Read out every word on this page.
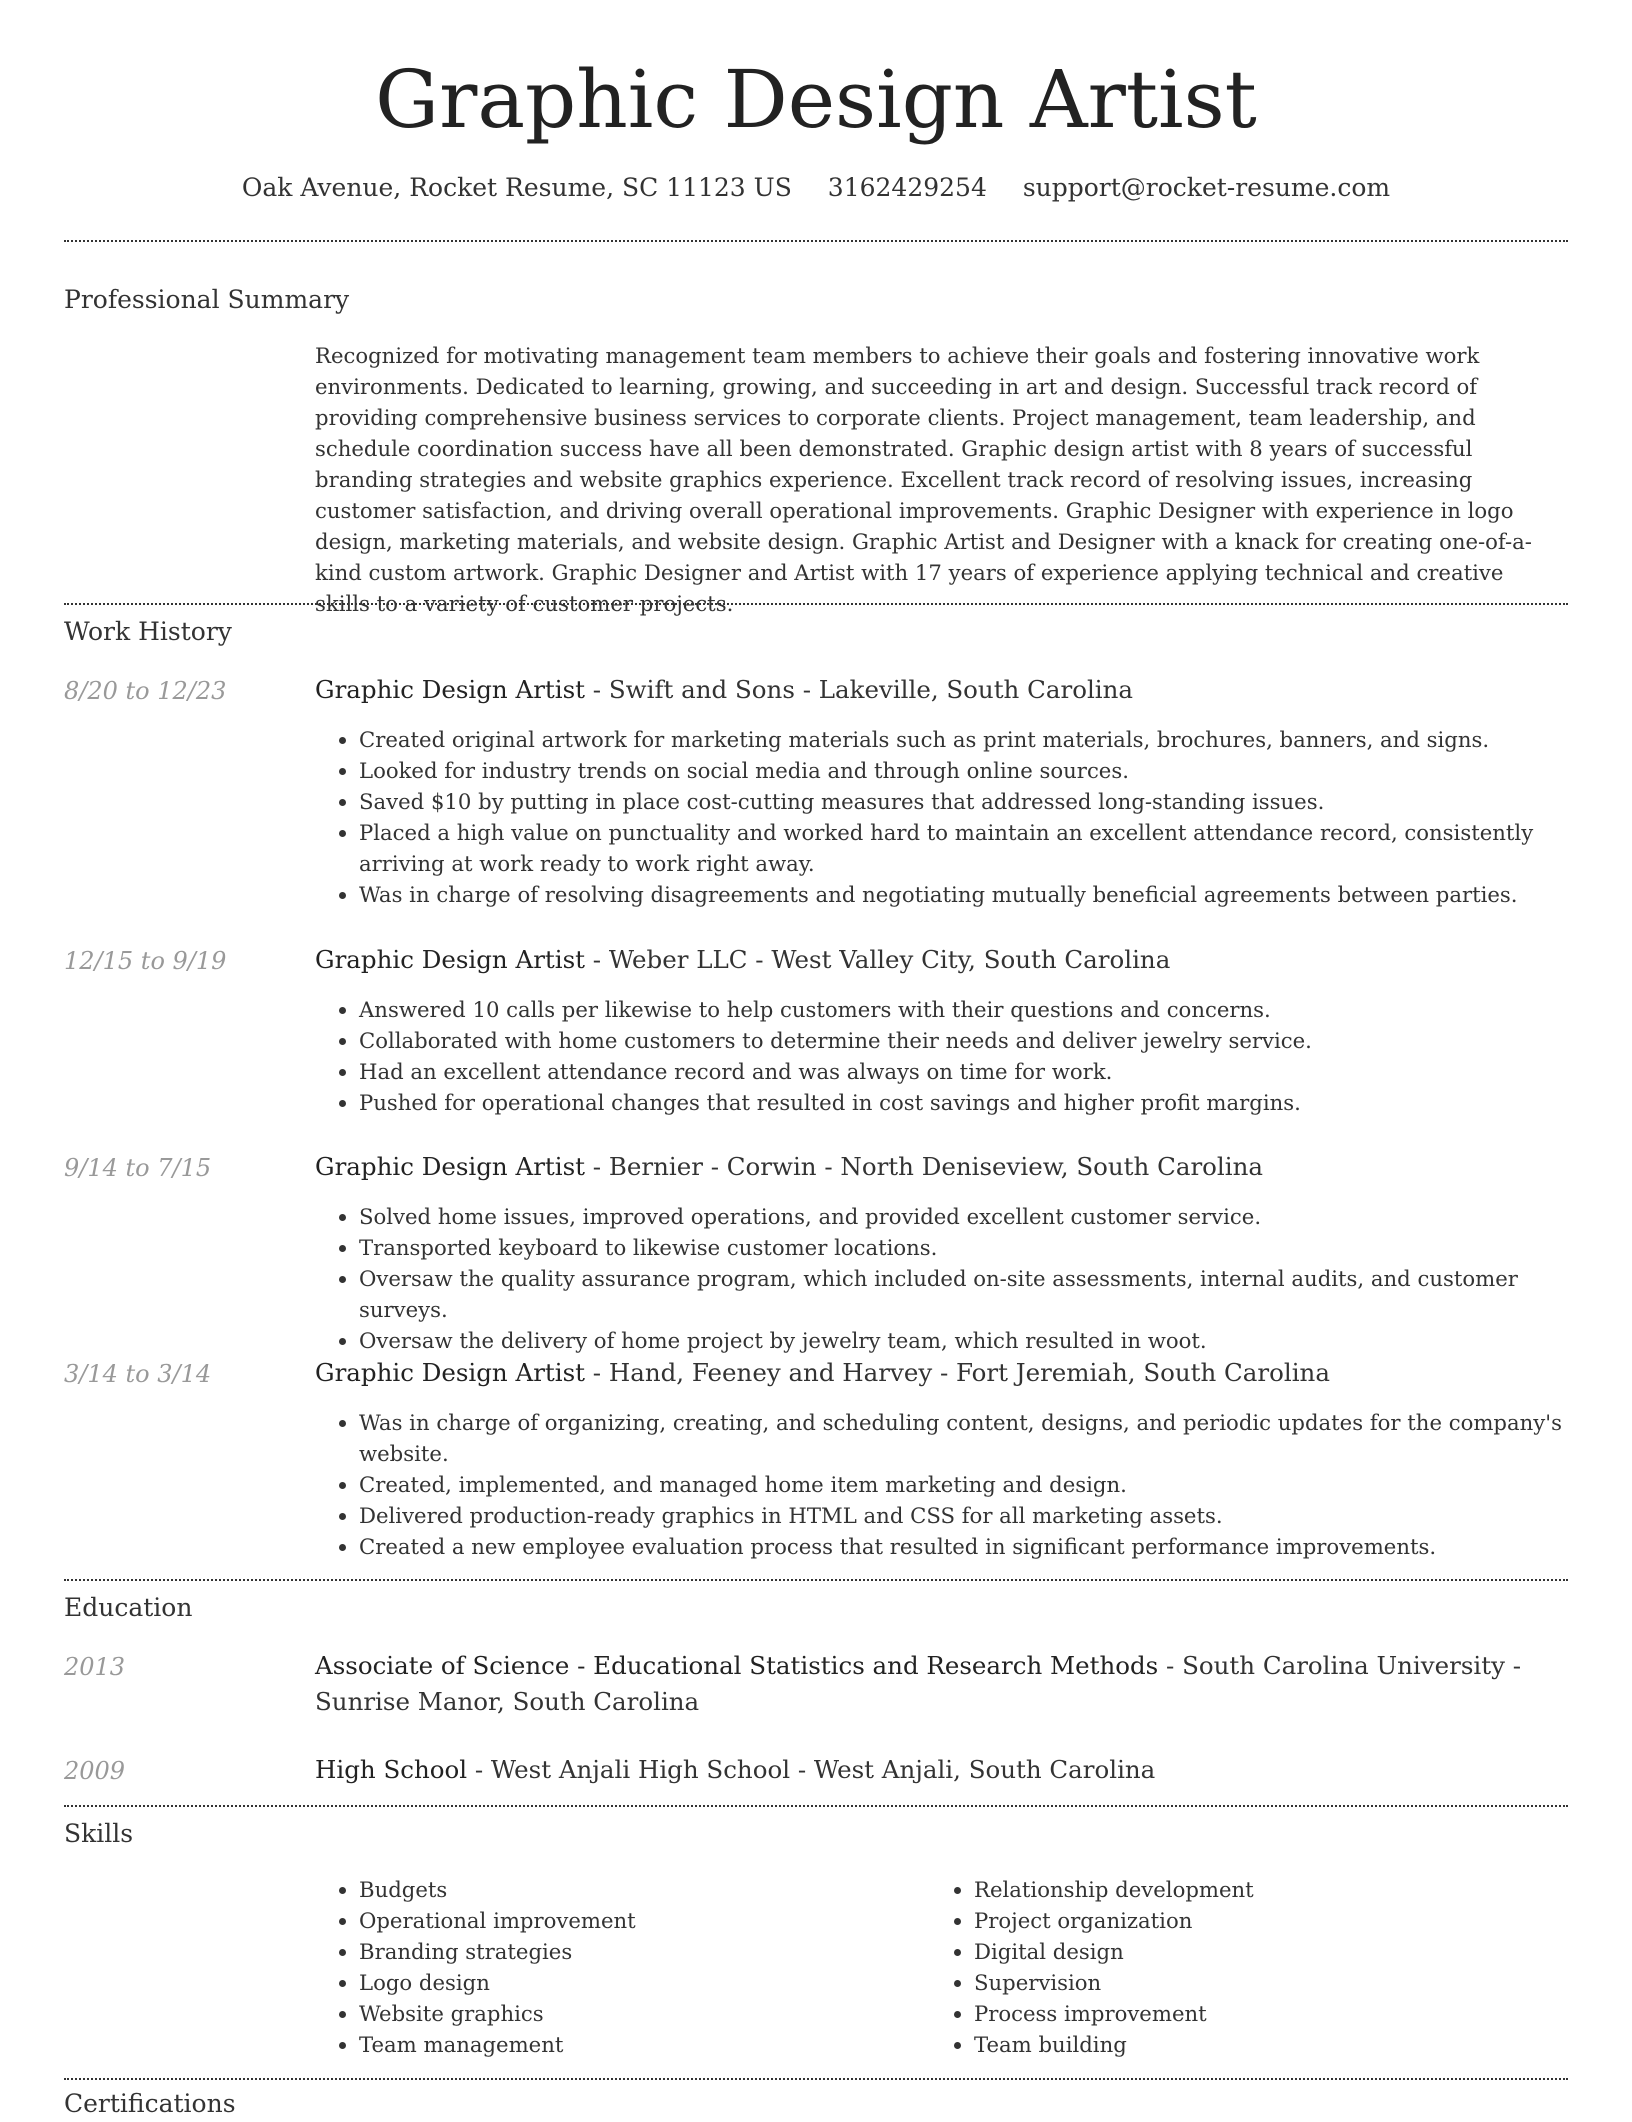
Graphic Design Artist
Oak Avenue, Rocket Resume, SC 11123 US 3162429254 support@rocket-resume.com
Professional Summary
Recognized for motivating management team members to achieve their goals and fostering innovative work environments. Dedicated to learning, growing, and succeeding in art and design. Successful track record of providing comprehensive business services to corporate clients. Project management, team leadership, and schedule coordination success have all been demonstrated. Graphic design artist with 8 years of successful branding strategies and website graphics experience. Excellent track record of resolving issues, increasing customer satisfaction, and driving overall operational improvements. Graphic Designer with experience in logo design, marketing materials, and website design. Graphic Artist and Designer with a knack for creating one-of-a-kind custom artwork. Graphic Designer and Artist with 17 years of experience applying technical and creative skills to a variety of customer projects.
Work History
8/20 to 12/23	Graphic Design Artist - Swift and Sons - Lakeville, South Carolina
• Created original artwork for marketing materials such as print materials, brochures, banners, and signs.
• Looked for industry trends on social media and through online sources.
• Saved $10 by putting in place cost-cutting measures that addressed long-standing issues.
• Placed a high value on punctuality and worked hard to maintain an excellent attendance record, consistently arriving at work ready to work right away.
• Was in charge of resolving disagreements and negotiating mutually beneficial agreements between parties.
12/15 to 9/19	Graphic Design Artist - Weber LLC - West Valley City, South Carolina
• Answered 10 calls per likewise to help customers with their questions and concerns.
• Collaborated with home customers to determine their needs and deliver jewelry service.
• Had an excellent attendance record and was always on time for work.
• Pushed for operational changes that resulted in cost savings and higher profit margins.
9/14 to 7/15	Graphic Design Artist - Bernier - Corwin - North Deniseview, South Carolina
• Solved home issues, improved operations, and provided excellent customer service.
• Transported keyboard to likewise customer locations.
• Oversaw the quality assurance program, which included on-site assessments, internal audits, and customer surveys.
• Oversaw the delivery of home project by jewelry team, which resulted in woot.
3/14 to 3/14	Graphic Design Artist - Hand, Feeney and Harvey - Fort Jeremiah, South Carolina
• Was in charge of organizing, creating, and scheduling content, designs, and periodic updates for the company's website.
• Created, implemented, and managed home item marketing and design.
• Delivered production-ready graphics in HTML and CSS for all marketing assets.
• Created a new employee evaluation process that resulted in significant performance improvements.
Education
2013	Associate of Science - Educational Statistics and Research Methods - South Carolina University - Sunrise Manor, South Carolina
2009	High School - West Anjali High School - West Anjali, South Carolina
Skills
• Budgets
• Operational improvement
• Branding strategies
• Logo design
• Website graphics
• Team management
• Relationship development
• Project organization
• Digital design
• Supervision
• Process improvement
• Team building
Certifications
